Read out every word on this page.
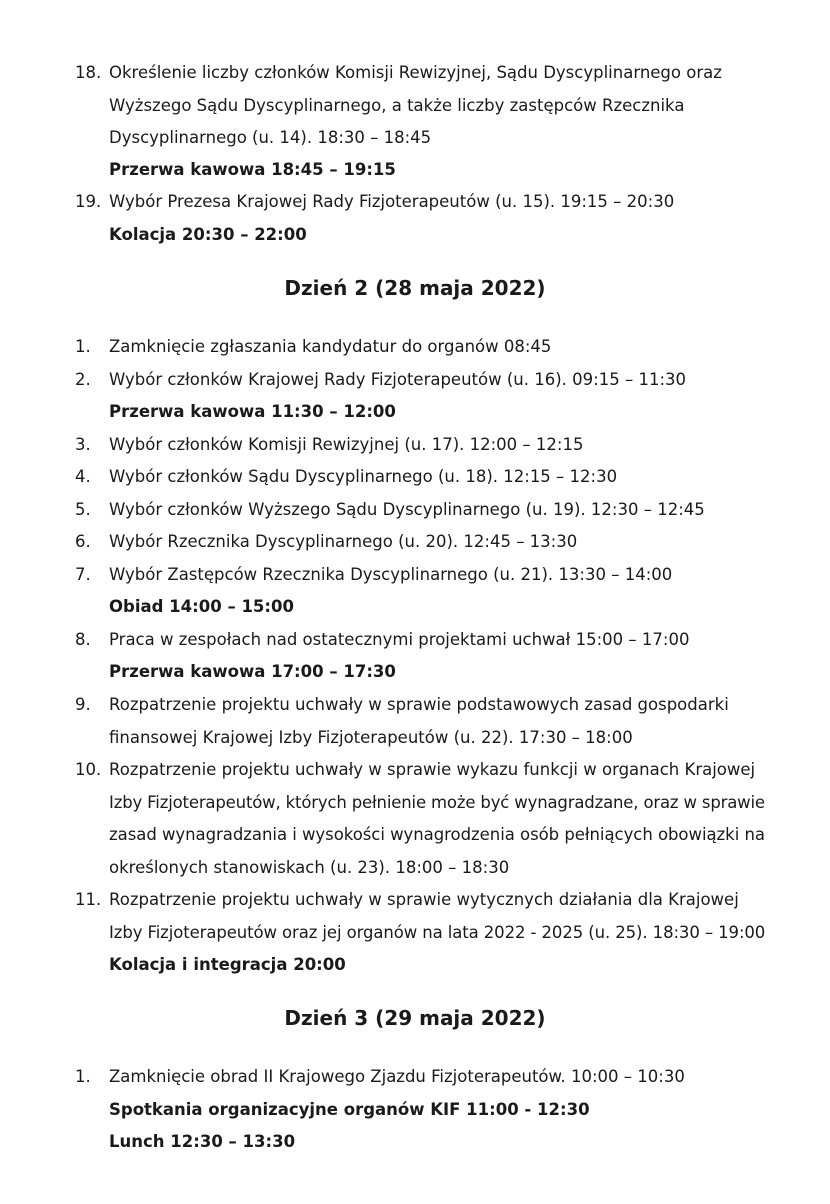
18. Określenie liczby członków Komisji Rewizyjnej, Sądu Dyscyplinarnego oraz
Wyższego Sądu Dyscyplinarnego, a także liczby zastępców Rzecznika
Dyscyplinarnego (u. 14). 18:30 – 18:45
Przerwa kawowa 18:45 – 19:15
19. Wybór Prezesa Krajowej Rady Fizjoterapeutów (u. 15). 19:15 – 20:30
Kolacja 20:30 – 22:00
Dzień 2 (28 maja 2022)
1. Zamknięcie zgłaszania kandydatur do organów 08:45
2. Wybór członków Krajowej Rady Fizjoterapeutów (u. 16). 09:15 – 11:30
Przerwa kawowa 11:30 – 12:00
3. Wybór członków Komisji Rewizyjnej (u. 17). 12:00 – 12:15
4. Wybór członków Sądu Dyscyplinarnego (u. 18). 12:15 – 12:30
5. Wybór członków Wyższego Sądu Dyscyplinarnego (u. 19). 12:30 – 12:45
6. Wybór Rzecznika Dyscyplinarnego (u. 20). 12:45 – 13:30
7. Wybór Zastępców Rzecznika Dyscyplinarnego (u. 21). 13:30 – 14:00
Obiad 14:00 – 15:00
8. Praca w zespołach nad ostatecznymi projektami uchwał 15:00 – 17:00
Przerwa kawowa 17:00 – 17:30
9. Rozpatrzenie projektu uchwały w sprawie podstawowych zasad gospodarki
finansowej Krajowej Izby Fizjoterapeutów (u. 22). 17:30 – 18:00
10. Rozpatrzenie projektu uchwały w sprawie wykazu funkcji w organach Krajowej
Izby Fizjoterapeutów, których pełnienie może być wynagradzane, oraz w sprawie
zasad wynagradzania i wysokości wynagrodzenia osób pełniących obowiązki na
określonych stanowiskach (u. 23). 18:00 – 18:30
11. Rozpatrzenie projektu uchwały w sprawie wytycznych działania dla Krajowej
Izby Fizjoterapeutów oraz jej organów na lata 2022 - 2025 (u. 25). 18:30 – 19:00
Kolacja i integracja 20:00
Dzień 3 (29 maja 2022)
1. Zamknięcie obrad II Krajowego Zjazdu Fizjoterapeutów. 10:00 – 10:30
Spotkania organizacyjne organów KIF 11:00 - 12:30
Lunch 12:30 – 13:30
